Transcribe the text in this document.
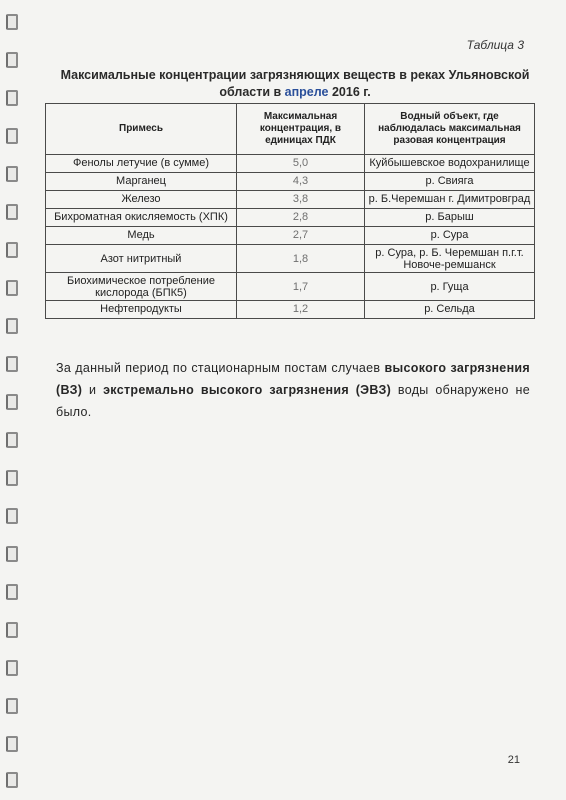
Таблица 3
Максимальные концентрации загрязняющих веществ в реках Ульяновской области в апреле 2016 г.
Примесь	Максимальная концентрация, в единицах ПДК	Водный объект, где наблюдалась максимальная разовая концентрация
Фенолы летучие (в сумме)	5,0	Куйбышевское водохранилище
Марганец	4,3	р. Свияга
Железо	3,8	р. Б.Черемшан г. Димитровград
Бихроматная окисляемость (ХПК)	2,8	р. Барыш
Медь	2,7	р. Сура
Азот нитритный	1,8	р. Сура, р. Б. Черемшан п.г.т. Новоче-ремшанск
Биохимическое потребление кислорода (БПК5)	1,7	р. Гуща
Нефтепродукты	1,2	р. Сельда
За данный период по стационарным постам случаев высокого загрязнения (ВЗ) и экстремально высокого загрязнения (ЭВЗ) воды обнаружено не было.
21
